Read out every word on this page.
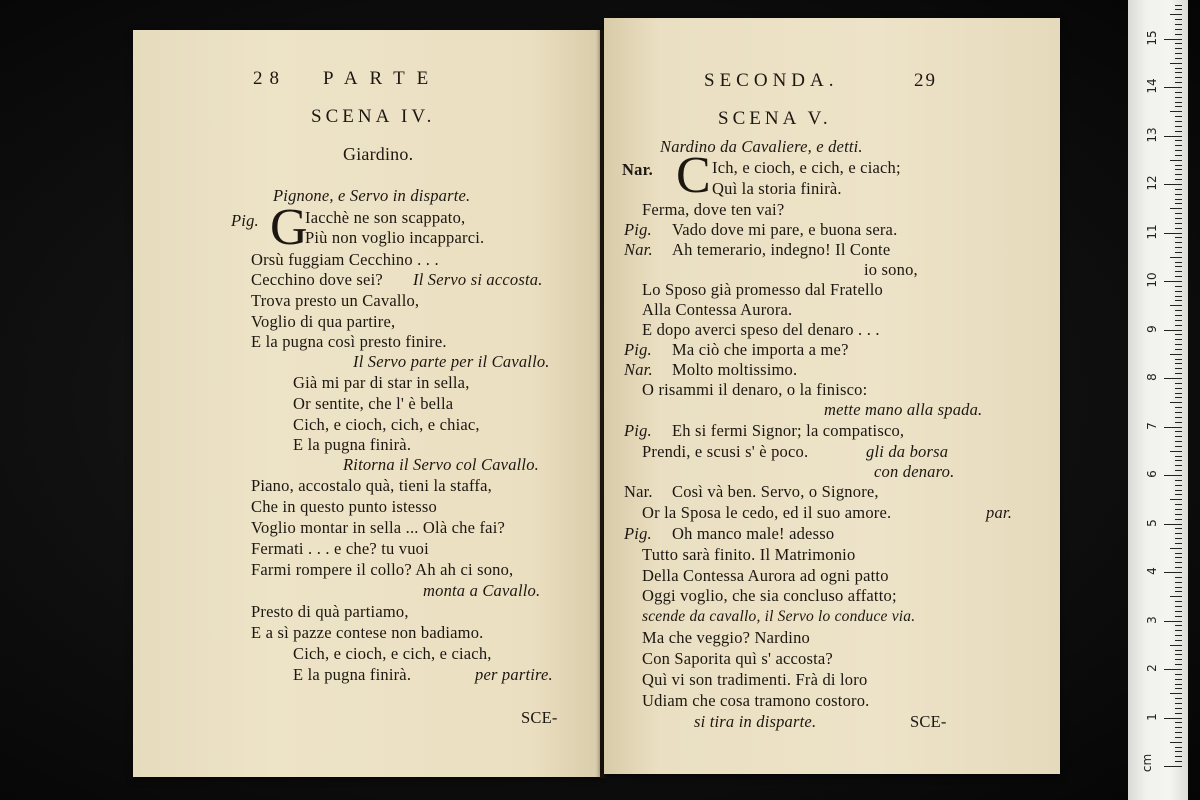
28 PARTE
SCENA IV.
Giardino.
Pignone, e Servo in disparte.
Pig. G
Iacchè ne son scappato,
Più non voglio incapparci.
Orsù fuggiam Cecchino . . .
Cecchino dove sei? Il Servo si accosta.
Trova presto un Cavallo,
Voglio di qua partire,
E la pugna così presto finire.
Il Servo parte per il Cavallo.
Già mi par di star in sella,
Or sentite, che l' è bella
Cich, e cioch, cich, e chiac,
E la pugna finirà.
Ritorna il Servo col Cavallo.
Piano, accostalo quà, tieni la staffa,
Che in questo punto istesso
Voglio montar in sella ... Olà che fai?
Fermati . . . e che? tu vuoi
Farmi rompere il collo? Ah ah ci sono,
monta a Cavallo.
Presto di quà partiamo,
E a sì pazze contese non badiamo.
Cich, e cioch, e cich, e ciach,
E la pugna finirà.	per partire.
SCE-
SECONDA.	29
SCENA V.
Nardino da Cavaliere, e detti.
Nar. C Ich, e cioch, e cich, e ciach;
Quì la storia finirà.
Ferma, dove ten vai?
Pig. Vado dove mi pare, e buona sera.
Nar. Ah temerario, indegno! Il Conte
io sono,
Lo Sposo già promesso dal Fratello
Alla Contessa Aurora.
E dopo averci speso del denaro . . .
Pig. Ma ciò che importa a me?
Nar. Molto moltissimo.
O risammi il denaro, o la finisco:
mette mano alla spada.
Pig. Eh si fermi Signor; la compatisco,
Prendi, e scusi s' è poco.	gli da borsa
con denaro.
Nar. Così và ben. Servo, o Signore,
Or la Sposa le cedo, ed il suo amore.	par.
Pig. Oh manco male! adesso
Tutto sarà finito. Il Matrimonio
Della Contessa Aurora ad ogni patto
Oggi voglio, che sia concluso affatto;
scende da cavallo, il Servo lo conduce via.
Ma che veggio? Nardino
Con Saporita quì s' accosta?
Quì vi son tradimenti. Frà di loro
Udiam che cosa tramono costoro.
si tira in disparte.	SCE-	1
2
3
4
5
6
7
8
9
10
11
12
13
14
15
cm
